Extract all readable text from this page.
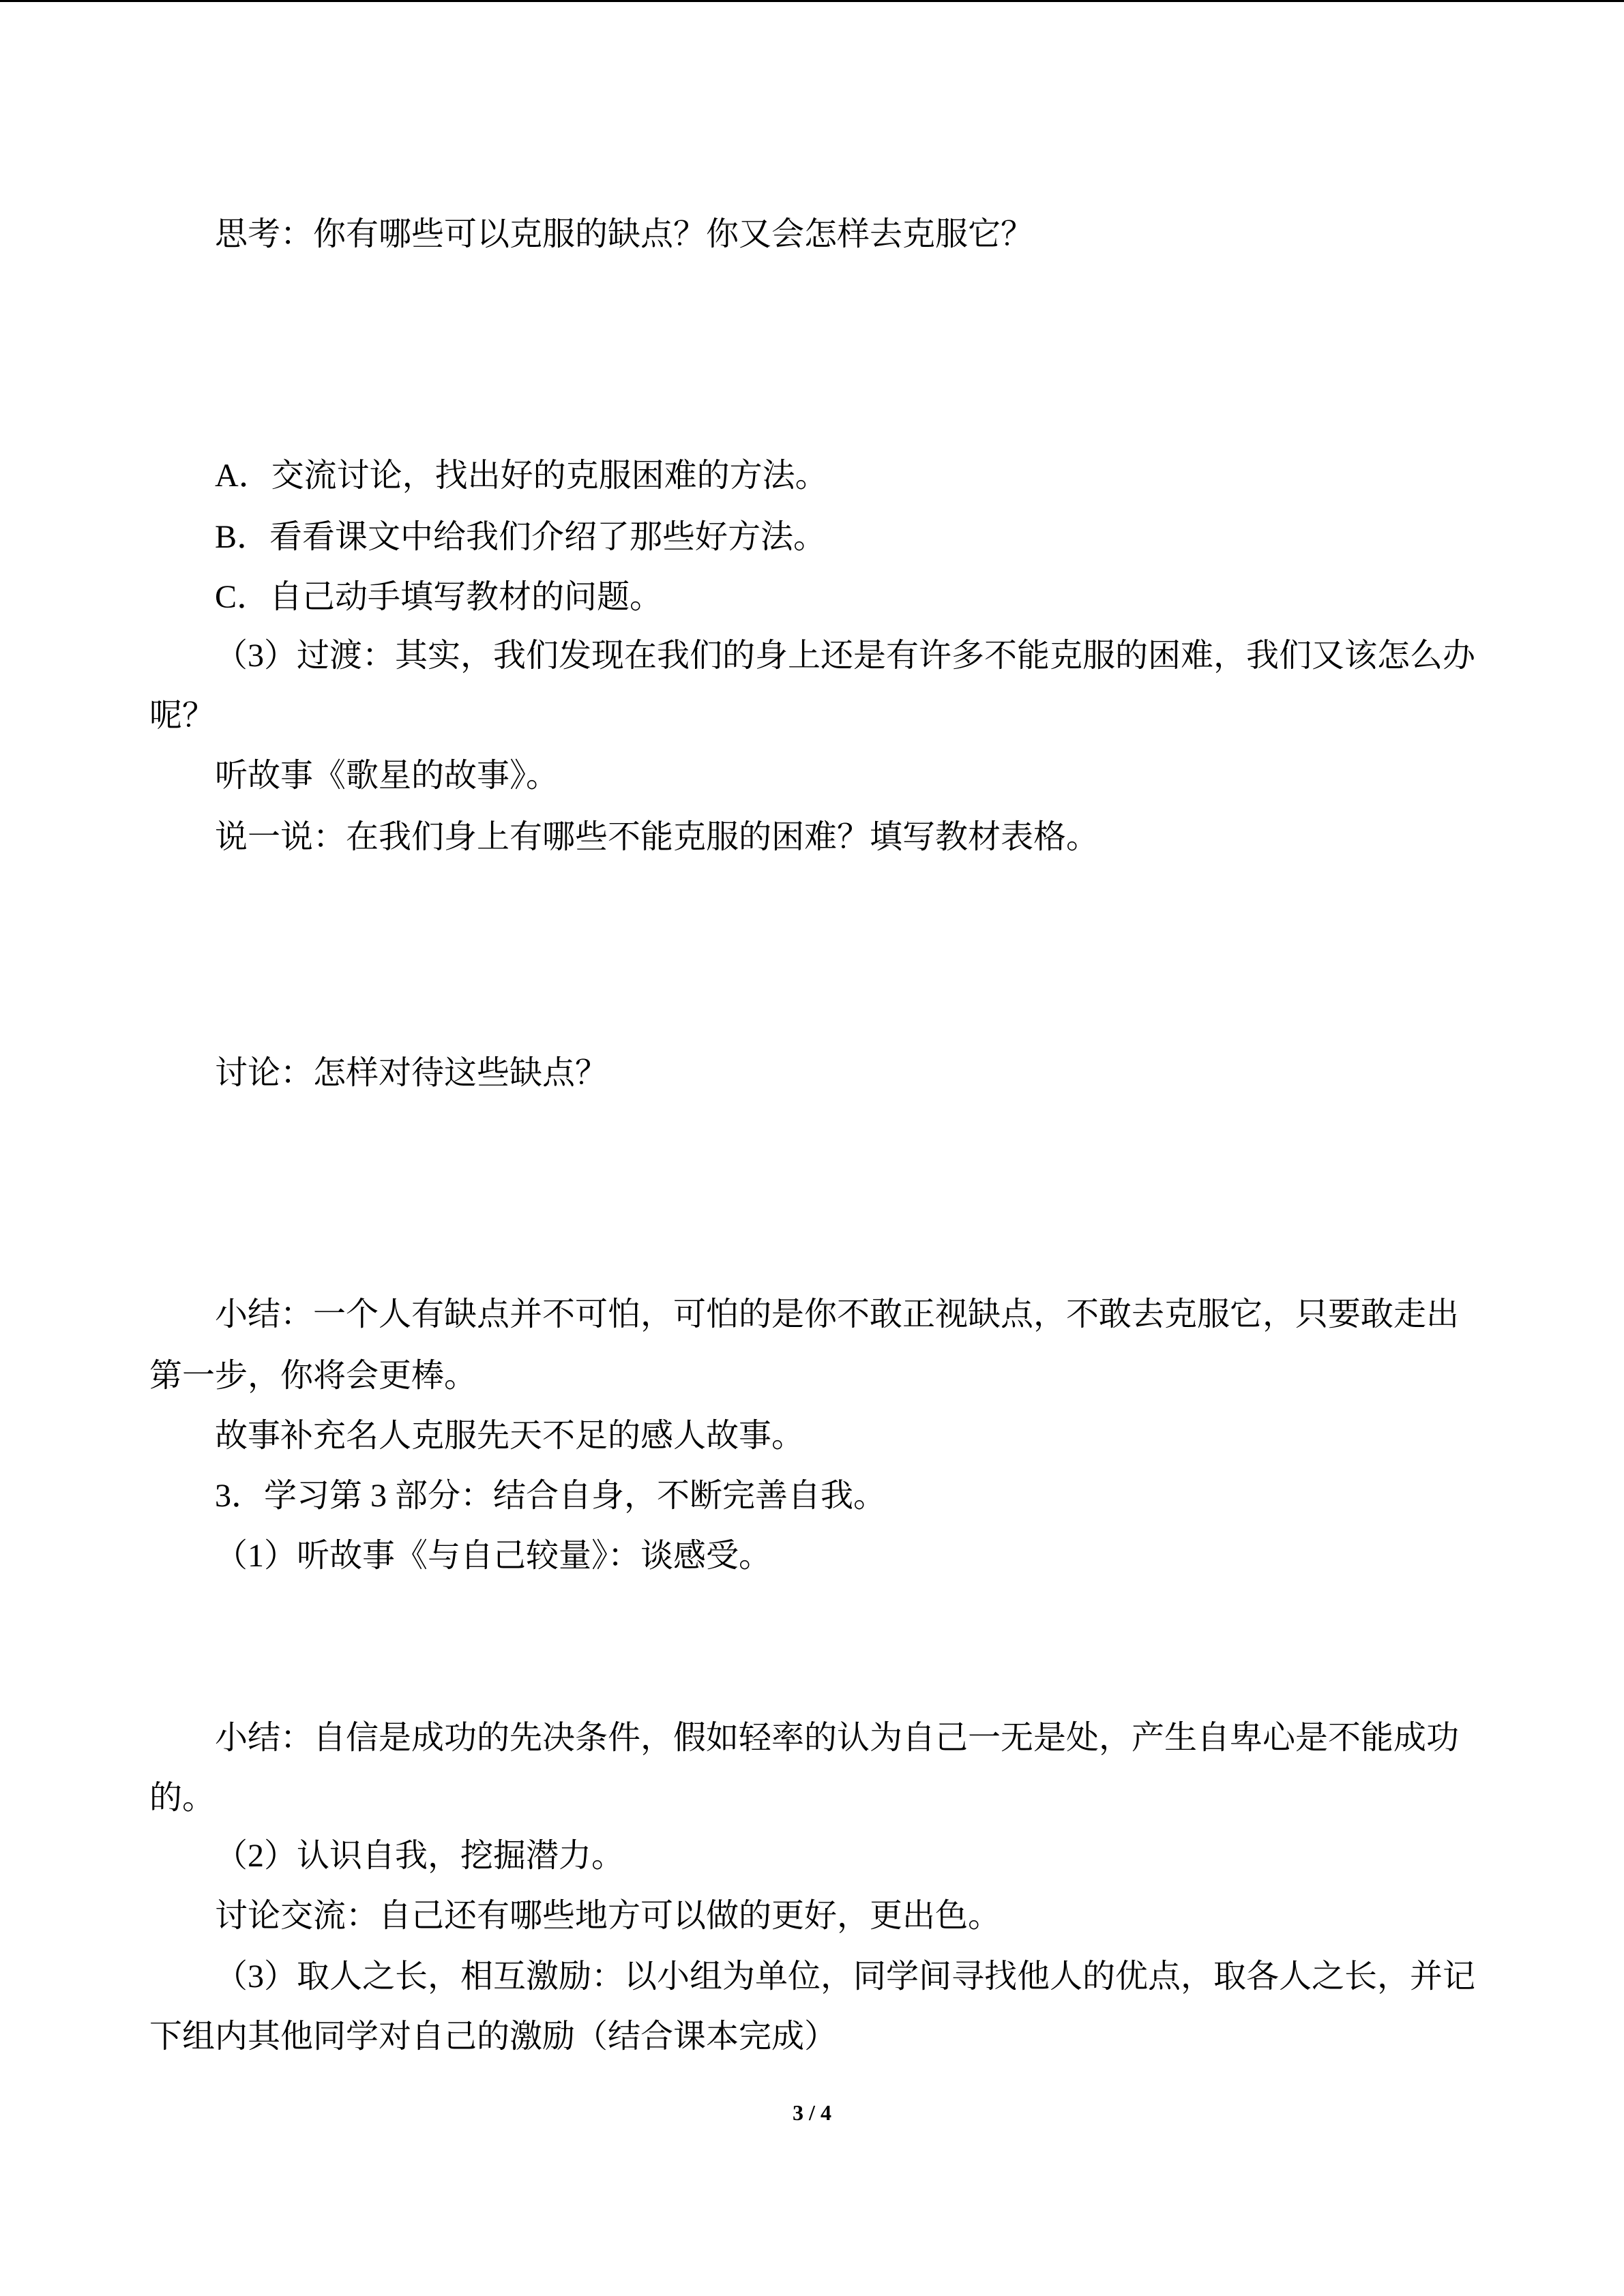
思考：你有哪些可以克服的缺点？你又会怎样去克服它？
A．交流讨论，找出好的克服困难的方法。
B．看看课文中给我们介绍了那些好方法。
C．自己动手填写教材的问题。
（3）过渡：其实，我们发现在我们的身上还是有许多不能克服的困难，我们又该怎么办
呢？
听故事《歌星的故事》。
说一说：在我们身上有哪些不能克服的困难？填写教材表格。
讨论：怎样对待这些缺点？
小结：一个人有缺点并不可怕，可怕的是你不敢正视缺点，不敢去克服它，只要敢走出
第一步，你将会更棒。
故事补充名人克服先天不足的感人故事。
3．学习第 3 部分：结合自身，不断完善自我。
（1）听故事《与自己较量》：谈感受。
小结：自信是成功的先决条件，假如轻率的认为自己一无是处，产生自卑心是不能成功
的。
（2）认识自我，挖掘潜力。
讨论交流：自己还有哪些地方可以做的更好，更出色。
（3）取人之长，相互激励：以小组为单位，同学间寻找他人的优点，取各人之长，并记
下组内其他同学对自己的激励（结合课本完成）
3 / 4
